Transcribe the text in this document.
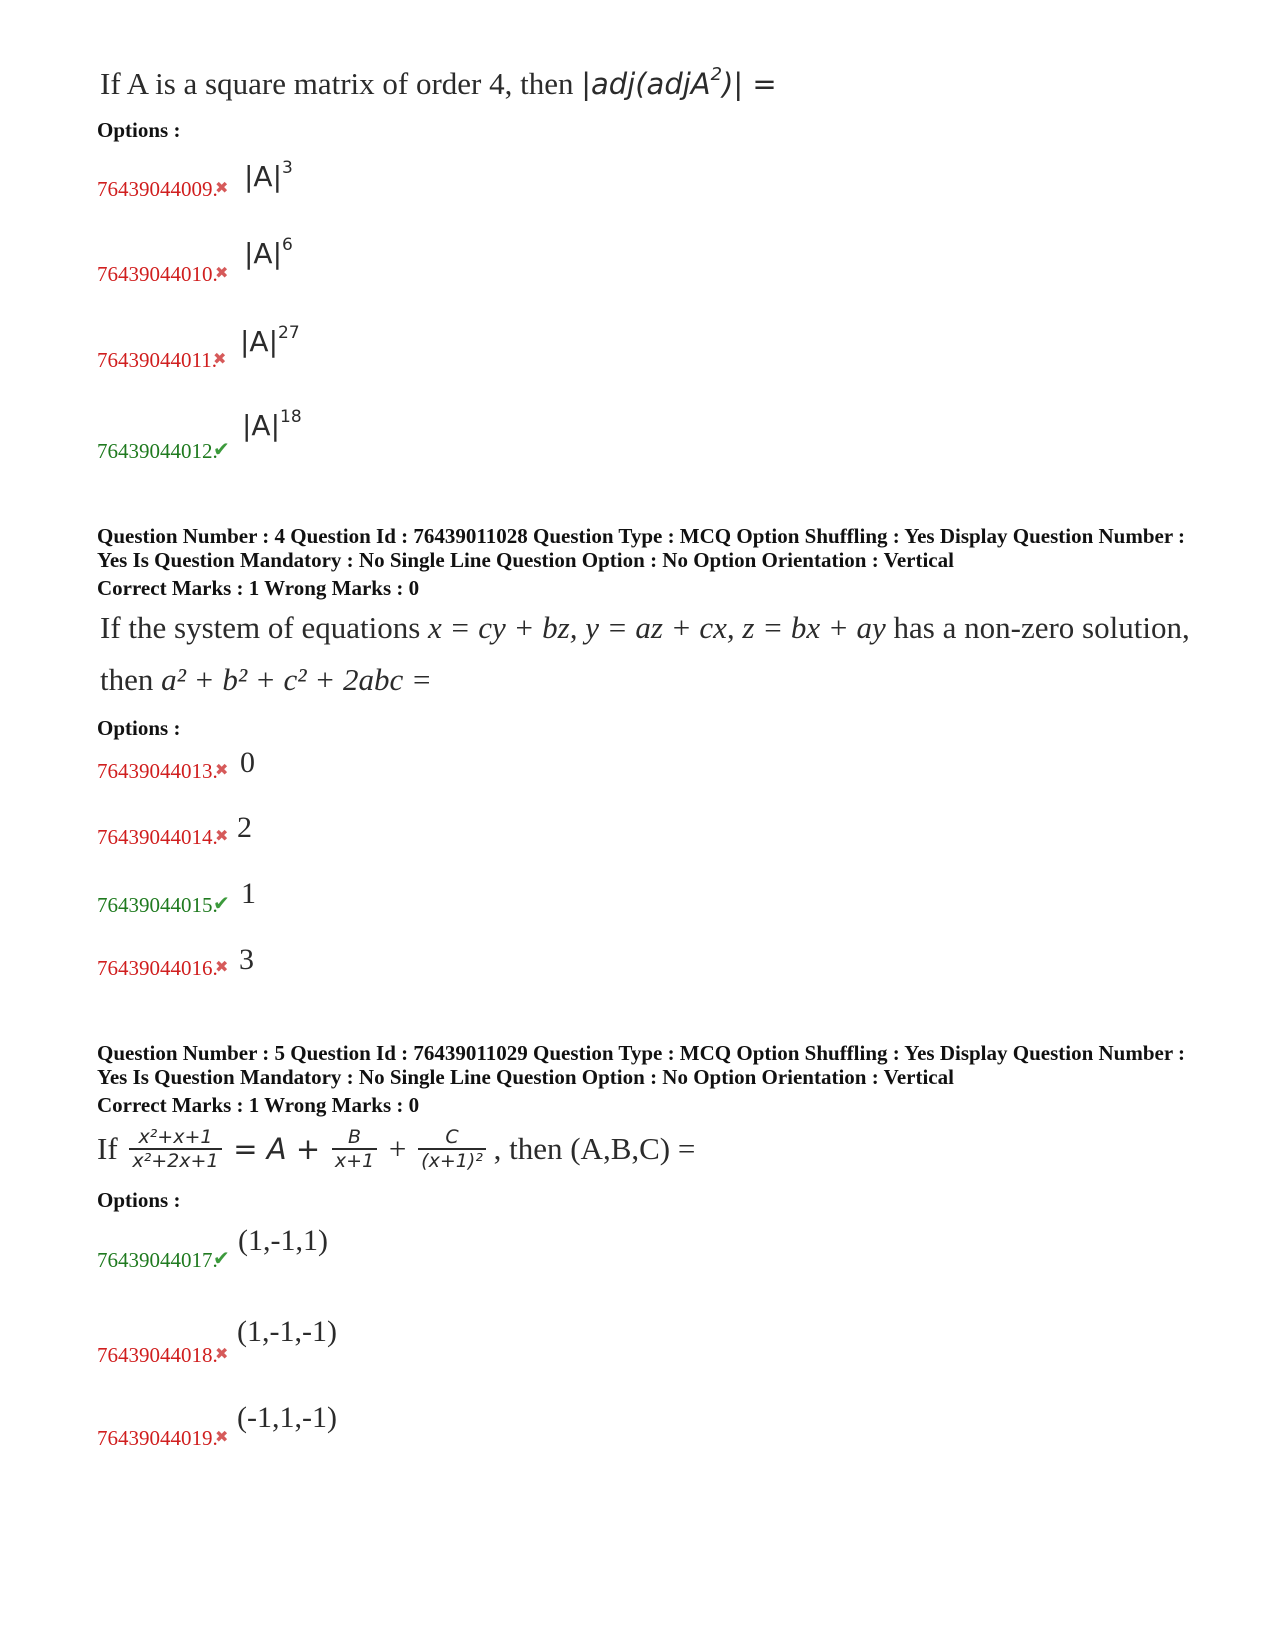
If A is a square matrix of order 4, then |adj(adjA$^2$)| =
Options :
76439044009.
✖ $|A|^3$
76439044010.
✖
$|A|^6$
76439044011.
✖
$|A|^{27}$
76439044012.
✔
$|A|^{18}$
Question Number : 4 Question Id : 76439011028 Question Type : MCQ Option Shuffling : Yes Display Question Number :
Yes Is Question Mandatory : No Single Line Question Option : No Option Orientation : Vertical
Correct Marks : 1 Wrong Marks : 0
If the system of equations x = cy + bz, y = az + cx, z = bx + ay has a non-zero solution,
then a² + b² + c² + 2abc =
Options :
76439044013.
✖ 0
76439044014.
✖ 2
76439044015.
✔ 1
76439044016.
✖ 3
Question Number : 5 Question Id : 76439011029 Question Type : MCQ Option Shuffling : Yes Display Question Number :
Yes Is Question Mandatory : No Single Line Question Option : No Option Orientation : Vertical
Correct Marks : 1 Wrong Marks : 0
If $\frac{\text{x²+x+1}}{\text{x²+2x+1}} = A + \frac{B}{x+1} + \frac{C}{\text{(x+1)²}}$ , then (A,B,C) =
Options :
76439044017.
✔
(1,-1,1)
76439044018.
✖
(1,-1,-1)
76439044019.
✖
(-1,1,-1)
